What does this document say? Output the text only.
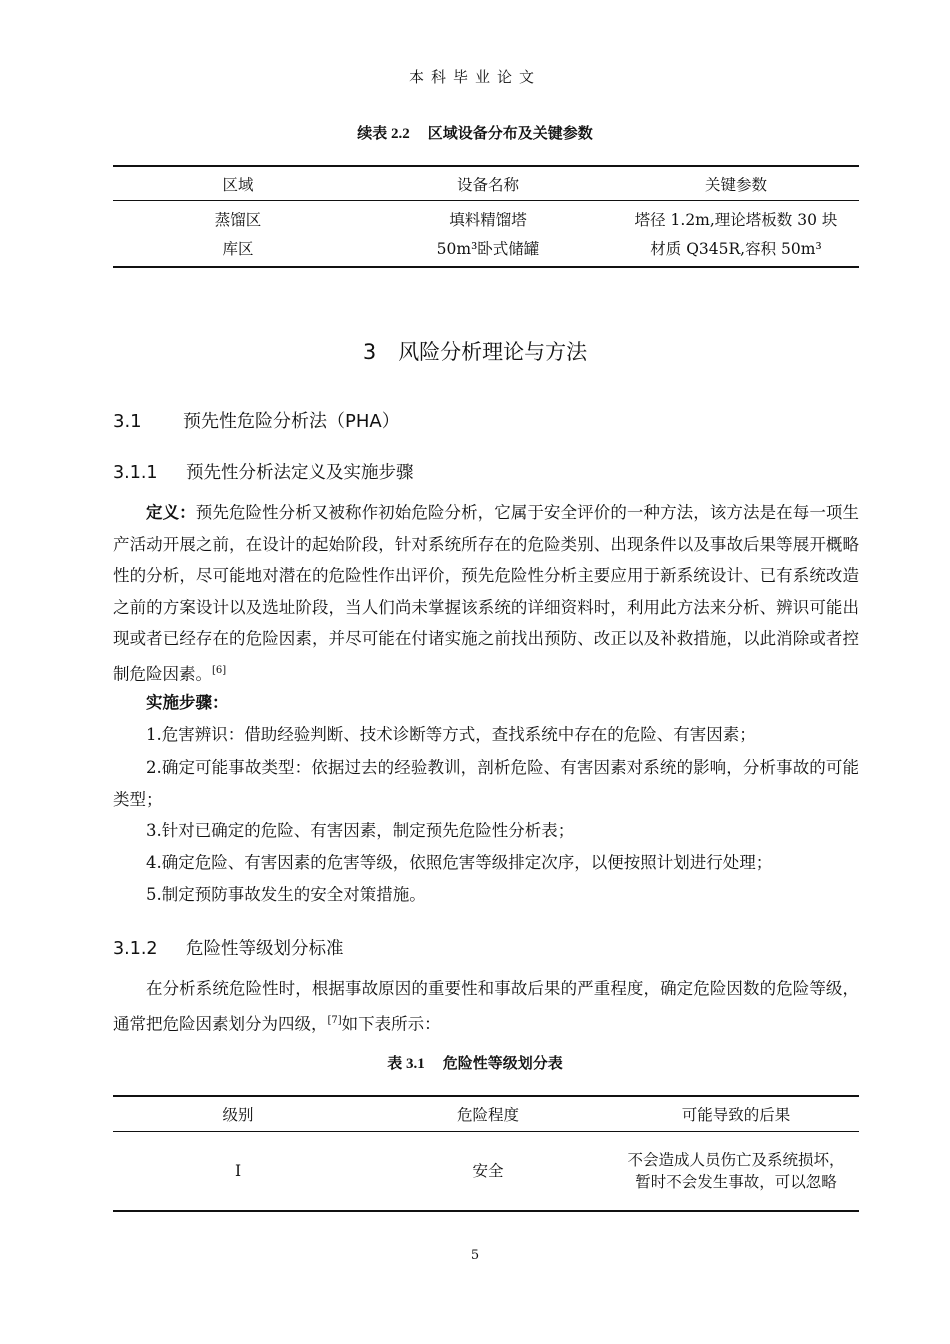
本科毕业论文
续表 2.2 区域设备分布及关键参数
区域	设备名称	关键参数
蒸馏区	填料精馏塔	塔径 1.2m,理论塔板数 30 块
库区	50m³卧式储罐	材质 Q345R,容积 50m³
3 风险分析理论与方法
3.1 预先性危险分析法（PHA）
3.1.1 预先性分析法定义及实施步骤
定义：预先危险性分析又被称作初始危险分析，它属于安全评价的一种方法，该方法是在每一项生产活动开展之前，在设计的起始阶段，针对系统所存在的危险类别、出现条件以及事故后果等展开概略性的分析，尽可能地对潜在的危险性作出评价，预先危险性分析主要应用于新系统设计、已有系统改造之前的方案设计以及选址阶段，当人们尚未掌握该系统的详细资料时，利用此方法来分析、辨识可能出现或者已经存在的危险因素，并尽可能在付诸实施之前找出预防、改正以及补救措施，以此消除或者控制危险因素。[6]
实施步骤：
1.危害辨识：借助经验判断、技术诊断等方式，查找系统中存在的危险、有害因素；
2.确定可能事故类型：依据过去的经验教训，剖析危险、有害因素对系统的影响，分析事故的可能类型；
3.针对已确定的危险、有害因素，制定预先危险性分析表；
4.确定危险、有害因素的危害等级，依照危害等级排定次序，以便按照计划进行处理；
5.制定预防事故发生的安全对策措施。
3.1.2 危险性等级划分标准
在分析系统危险性时，根据事故原因的重要性和事故后果的严重程度，确定危险因数的危险等级，通常把危险因素划分为四级，[7]如下表所示：
表 3.1 危险性等级划分表
级别	危险程度	可能导致的后果
Ⅰ	安全	不会造成人员伤亡及系统损坏，暂时不会发生事故，可以忽略
5
